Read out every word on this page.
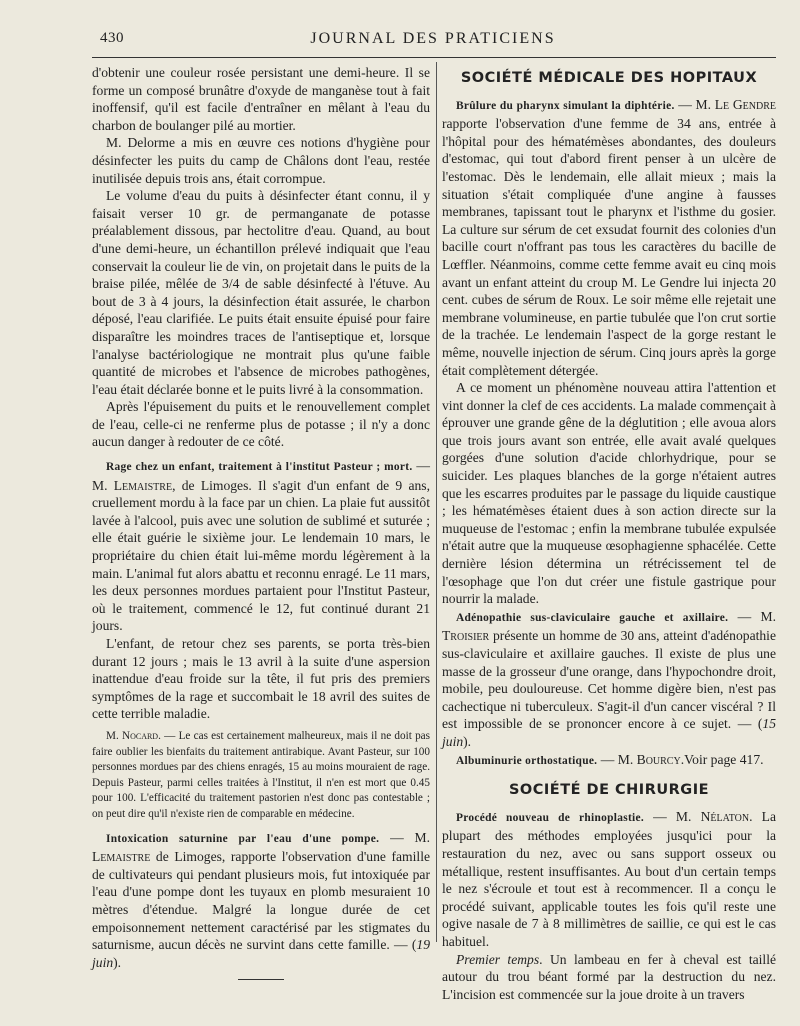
430	JOURNAL DES PRATICIENS

d'obtenir une couleur rosée persistant une demi-heure. Il se forme un composé brunâtre d'oxyde de manganèse tout à fait inoffensif, qu'il est facile d'entraîner en mêlant à l'eau du charbon de boulanger pilé au mortier.

M. Delorme a mis en œuvre ces notions d'hygiène pour désinfecter les puits du camp de Châlons dont l'eau, restée inutilisée depuis trois ans, était corrompue.

Le volume d'eau du puits à désinfecter étant connu, il y faisait verser 10 gr. de permanganate de potasse préalablement dissous, par hectolitre d'eau. Quand, au bout d'une demi-heure, un échantillon prélevé indiquait que l'eau conservait la couleur lie de vin, on projetait dans le puits de la braise pilée, mêlée de 3/4 de sable désinfecté à l'étuve. Au bout de 3 à 4 jours, la désinfection était assurée, le charbon déposé, l'eau clarifiée. Le puits était ensuite épuisé pour faire disparaître les moindres traces de l'antiseptique et, lorsque l'analyse bactériologique ne montrait plus qu'une faible quantité de microbes et l'absence de microbes pathogènes, l'eau était déclarée bonne et le puits livré à la consommation.

Après l'épuisement du puits et le renouvellement complet de l'eau, celle-ci ne renferme plus de potasse ; il n'y a donc aucun danger à redouter de ce côté.

Rage chez un enfant, traitement à l'institut Pasteur ; mort. — M. Lemaistre, de Limoges. Il s'agit d'un enfant de 9 ans, cruellement mordu à la face par un chien. La plaie fut aussitôt lavée à l'alcool, puis avec une solution de sublimé et suturée ; elle était guérie le sixième jour. Le lendemain 10 mars, le propriétaire du chien était lui-même mordu légèrement à la main. L'animal fut alors abattu et reconnu enragé. Le 11 mars, les deux personnes mordues partaient pour l'Institut Pasteur, où le traitement, commencé le 12, fut continué durant 21 jours.

L'enfant, de retour chez ses parents, se porta très-bien durant 12 jours ; mais le 13 avril à la suite d'une aspersion inattendue d'eau froide sur la tête, il fut pris des premiers symptômes de la rage et succombait le 18 avril des suites de cette terrible maladie.

M. Nocard. — Le cas est certainement malheureux, mais il ne doit pas faire oublier les bienfaits du traitement antirabique. Avant Pasteur, sur 100 personnes mordues par des chiens enragés, 15 au moins mouraient de rage. Depuis Pasteur, parmi celles traitées à l'Institut, il n'en est mort que 0.45 pour 100. L'efficacité du traitement pastorien n'est donc pas contestable ; on peut dire qu'il n'existe rien de comparable en médecine.

Intoxication saturnine par l'eau d'une pompe. — M. Lemaistre de Limoges, rapporte l'observation d'une famille de cultivateurs qui pendant plusieurs mois, fut intoxiquée par l'eau d'une pompe dont les tuyaux en plomb mesuraient 10 mètres d'étendue. Malgré la longue durée de cet empoisonnement nettement caractérisé par les stigmates du saturnisme, aucun décès ne survint dans cette famille. — (19 juin).

SOCIÉTÉ MÉDICALE DES HOPITAUX

Brûlure du pharynx simulant la diphtérie. — M. Le Gendre rapporte l'observation d'une femme de 34 ans, entrée à l'hôpital pour des hématémèses abondantes, des douleurs d'estomac, qui tout d'abord firent penser à un ulcère de l'estomac. Dès le lendemain, elle allait mieux ; mais la situation s'était compliquée d'une angine à fausses membranes, tapissant tout le pharynx et l'isthme du gosier. La culture sur sérum de cet exsudat fournit des colonies d'un bacille court n'offrant pas tous les caractères du bacille de Lœffler. Néanmoins, comme cette femme avait eu cinq mois avant un enfant atteint du croup M. Le Gendre lui injecta 20 cent. cubes de sérum de Roux. Le soir même elle rejetait une membrane volumineuse, en partie tubulée que l'on crut sortie de la trachée. Le lendemain l'aspect de la gorge restant le même, nouvelle injection de sérum. Cinq jours après la gorge était complètement détergée.

A ce moment un phénomène nouveau attira l'attention et vint donner la clef de ces accidents. La malade commençait à éprouver une grande gêne de la déglutition ; elle avoua alors que trois jours avant son entrée, elle avait avalé quelques gorgées d'une solution d'acide chlorhydrique, pour se suicider. Les plaques blanches de la gorge n'étaient autres que les escarres produites par le passage du liquide caustique ; les hématémèses étaient dues à son action directe sur la muqueuse de l'estomac ; enfin la membrane tubulée expulsée n'était autre que la muqueuse œsophagienne sphacélée. Cette dernière lésion détermina un rétrécissement tel de l'œsophage que l'on dut créer une fistule gastrique pour nourrir la malade.

Adénopathie sus-claviculaire gauche et axillaire. — M. Troisier présente un homme de 30 ans, atteint d'adénopathie sus-claviculaire et axillaire gauches. Il existe de plus une masse de la grosseur d'une orange, dans l'hypochondre droit, mobile, peu douloureuse. Cet homme digère bien, n'est pas cachectique ni tuberculeux. S'agit-il d'un cancer viscéral ? Il est impossible de se prononcer encore à ce sujet. — (15 juin).

Albuminurie orthostatique. — M. Bourcy.Voir page 417.

SOCIÉTÉ DE CHIRURGIE

Procédé nouveau de rhinoplastie. — M. Nélaton. La plupart des méthodes employées jusqu'ici pour la restauration du nez, avec ou sans support osseux ou métallique, restent insuffisantes. Au bout d'un certain temps le nez s'écroule et tout est à recommencer. Il a conçu le procédé suivant, applicable toutes les fois qu'il reste une ogive nasale de 7 à 8 millimètres de saillie, ce qui est le cas habituel.

Premier temps. Un lambeau en fer à cheval est taillé autour du trou béant formé par la destruction du nez. L'incision est commencée sur la joue droite à un travers
